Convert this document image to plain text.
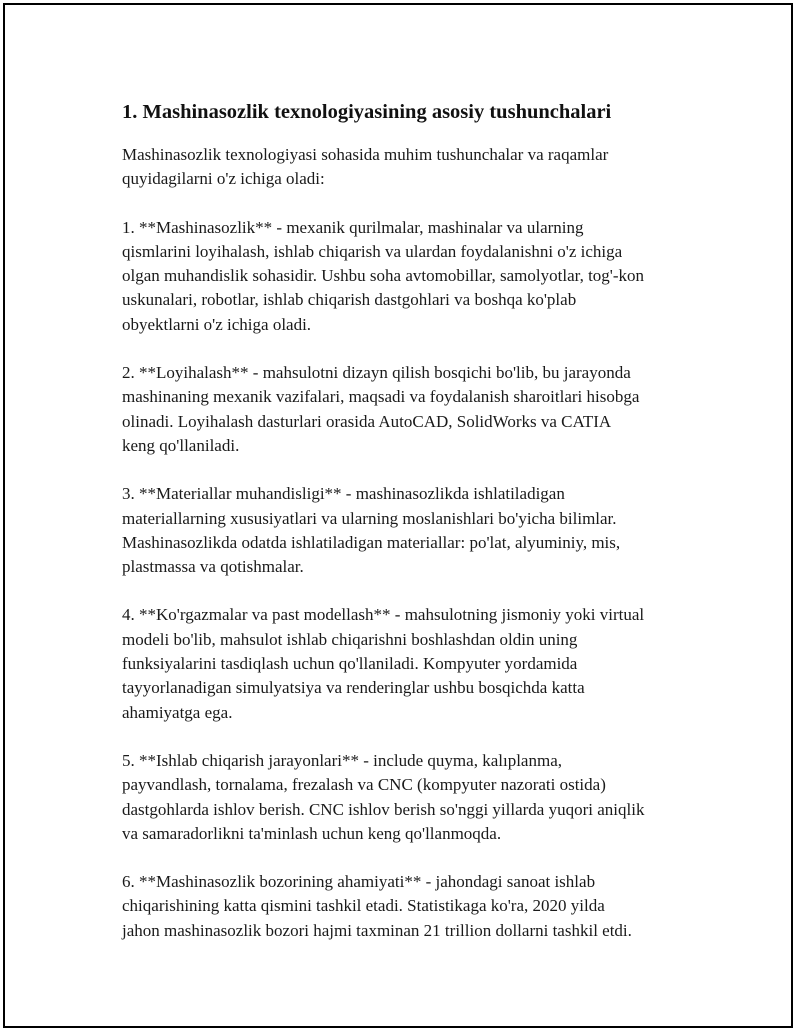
1. Mashinasozlik texnologiyasining asosiy tushunchalari

Mashinasozlik texnologiyasi sohasida muhim tushunchalar va raqamlar
quyidagilarni o'z ichiga oladi:

1. **Mashinasozlik** - mexanik qurilmalar, mashinalar va ularning
qismlarini loyihalash, ishlab chiqarish va ulardan foydalanishni o'z ichiga
olgan muhandislik sohasidir. Ushbu soha avtomobillar, samolyotlar, tog'-kon
uskunalari, robotlar, ishlab chiqarish dastgohlari va boshqa ko'plab
obyektlarni o'z ichiga oladi.

2. **Loyihalash** - mahsulotni dizayn qilish bosqichi bo'lib, bu jarayonda
mashinaning mexanik vazifalari, maqsadi va foydalanish sharoitlari hisobga
olinadi. Loyihalash dasturlari orasida AutoCAD, SolidWorks va CATIA
keng qo'llaniladi.

3. **Materiallar muhandisligi** - mashinasozlikda ishlatiladigan
materiallarning xususiyatlari va ularning moslanishlari bo'yicha bilimlar.
Mashinasozlikda odatda ishlatiladigan materiallar: po'lat, alyuminiy, mis,
plastmassa va qotishmalar.

4. **Ko'rgazmalar va past modellash** - mahsulotning jismoniy yoki virtual
modeli bo'lib, mahsulot ishlab chiqarishni boshlashdan oldin uning
funksiyalarini tasdiqlash uchun qo'llaniladi. Kompyuter yordamida
tayyorlanadigan simulyatsiya va renderinglar ushbu bosqichda katta
ahamiyatga ega.

5. **Ishlab chiqarish jarayonlari** - include quyma, kalıplanma,
payvandlash, tornalama, frezalash va CNC (kompyuter nazorati ostida)
dastgohlarda ishlov berish. CNC ishlov berish so'nggi yillarda yuqori aniqlik
va samaradorlikni ta'minlash uchun keng qo'llanmoqda.

6. **Mashinasozlik bozorining ahamiyati** - jahondagi sanoat ishlab
chiqarishining katta qismini tashkil etadi. Statistikaga ko'ra, 2020 yilda
jahon mashinasozlik bozori hajmi taxminan 21 trillion dollarni tashkil etdi.
